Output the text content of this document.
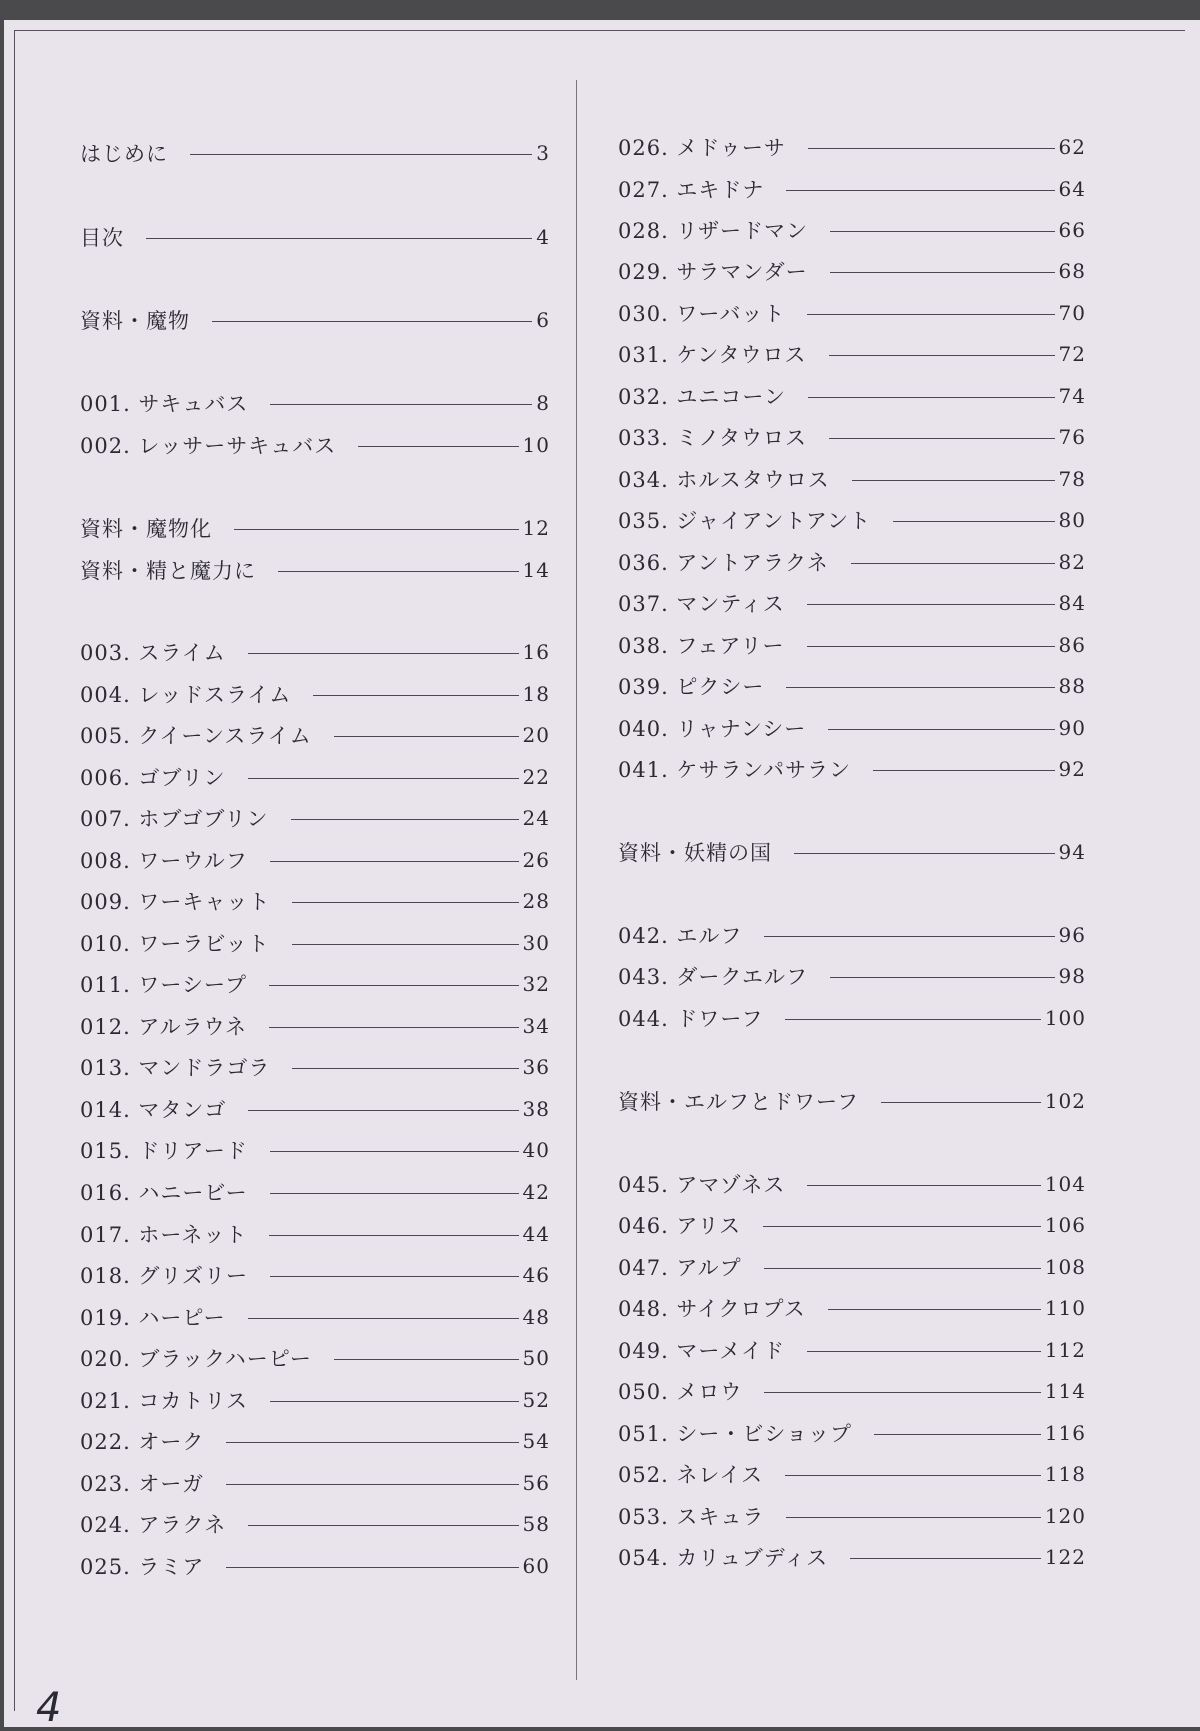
はじめに	3
目次	4
資料・魔物	6
001. サキュバス	8
002. レッサーサキュバス	10
資料・魔物化	12
資料・精と魔力に	14
003. スライム	16
004. レッドスライム	18
005. クイーンスライム	20
006. ゴブリン	22
007. ホブゴブリン	24
008. ワーウルフ	26
009. ワーキャット	28
010. ワーラビット	30
011. ワーシープ	32
012. アルラウネ	34
013. マンドラゴラ	36
014. マタンゴ	38
015. ドリアード	40
016. ハニービー	42
017. ホーネット	44
018. グリズリー	46
019. ハーピー	48
020. ブラックハーピー	50
021. コカトリス	52
022. オーク	54
023. オーガ	56
024. アラクネ	58
025. ラミア	60
026. メドゥーサ	62
027. エキドナ	64
028. リザードマン	66
029. サラマンダー	68
030. ワーバット	70
031. ケンタウロス	72
032. ユニコーン	74
033. ミノタウロス	76
034. ホルスタウロス	78
035. ジャイアントアント	80
036. アントアラクネ	82
037. マンティス	84
038. フェアリー	86
039. ピクシー	88
040. リャナンシー	90
041. ケサランパサラン	92
資料・妖精の国	94
042. エルフ	96
043. ダークエルフ	98
044. ドワーフ	100
資料・エルフとドワーフ	102
045. アマゾネス	104
046. アリス	106
047. アルプ	108
048. サイクロプス	110
049. マーメイド	112
050. メロウ	114
051. シー・ビショップ	116
052. ネレイス	118
053. スキュラ	120
054. カリュブディス	122
4
